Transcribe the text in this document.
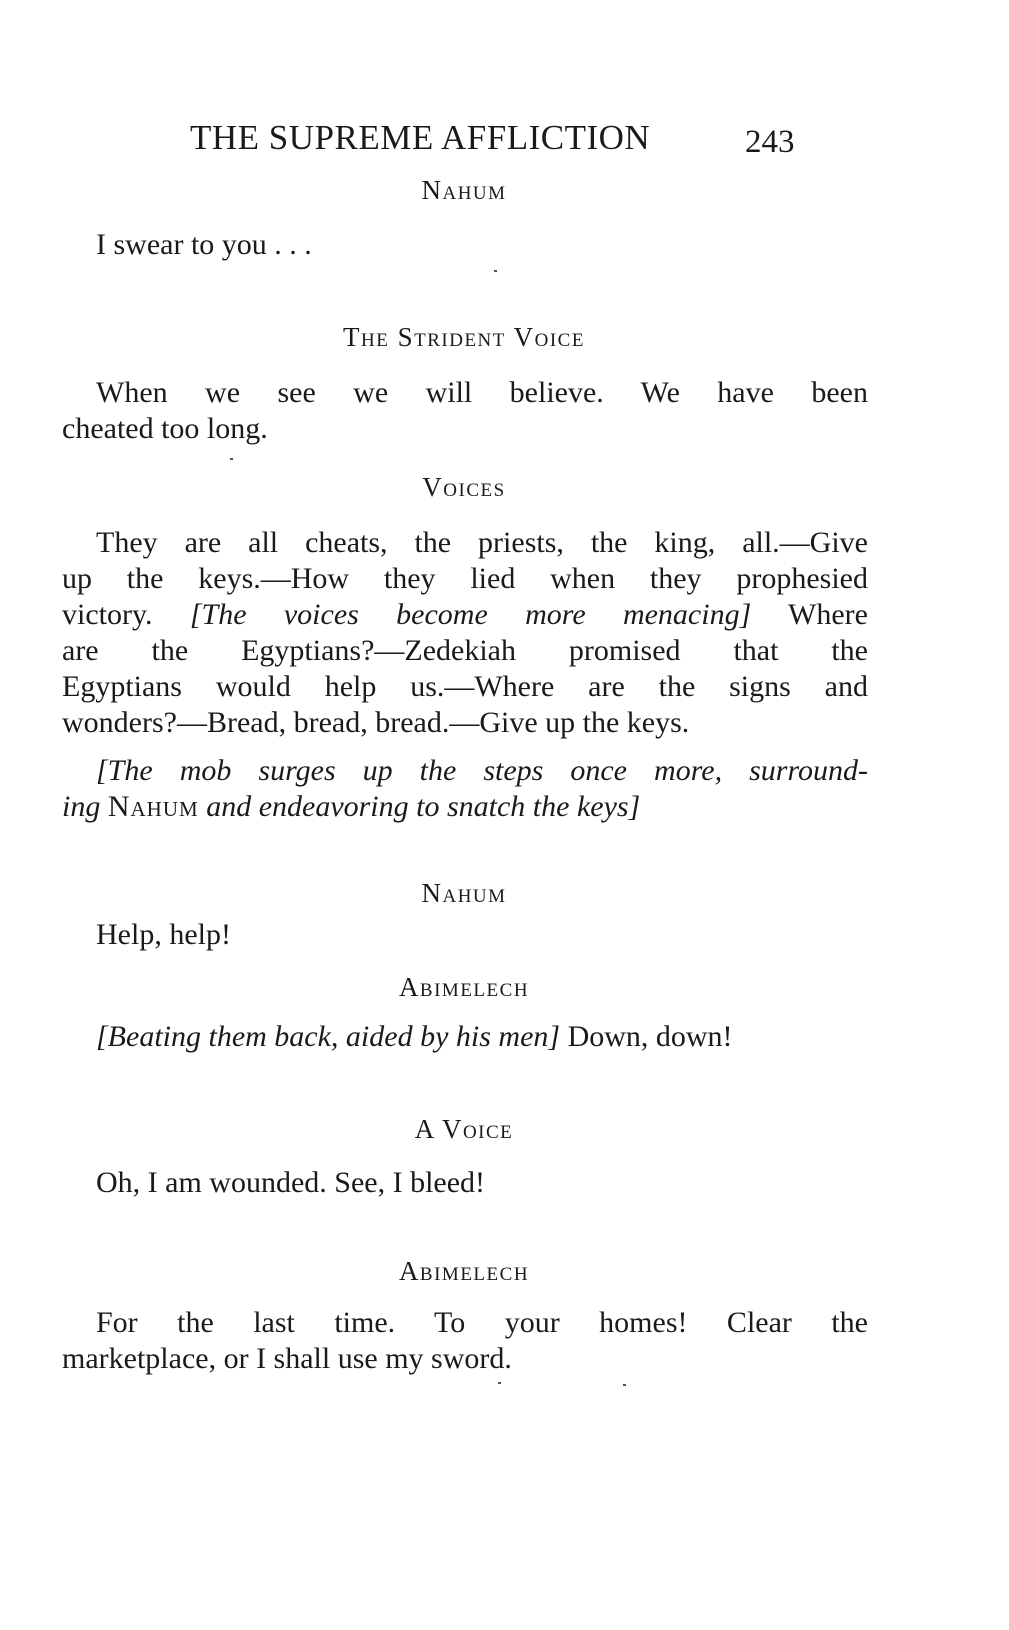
THE SUPREME AFFLICTION	243
Nahum
I swear to you . . .
The Strident Voice
When we see we will believe. We have been
cheated too long.
Voices
They are all cheats, the priests, the king, all.—Give
up the keys.—How they lied when they prophesied
victory. [The voices become more menacing] Where
are the Egyptians?—Zedekiah promised that the
Egyptians would help us.—Where are the signs and
wonders?—Bread, bread, bread.—Give up the keys.
[The mob surges up the steps once more, surround-
ing Nahum and endeavoring to snatch the keys]
Nahum
Help, help!
Abimelech
[Beating them back, aided by his men] Down, down!
A Voice
Oh, I am wounded. See, I bleed!
Abimelech
For the last time. To your homes! Clear the
marketplace, or I shall use my sword.
